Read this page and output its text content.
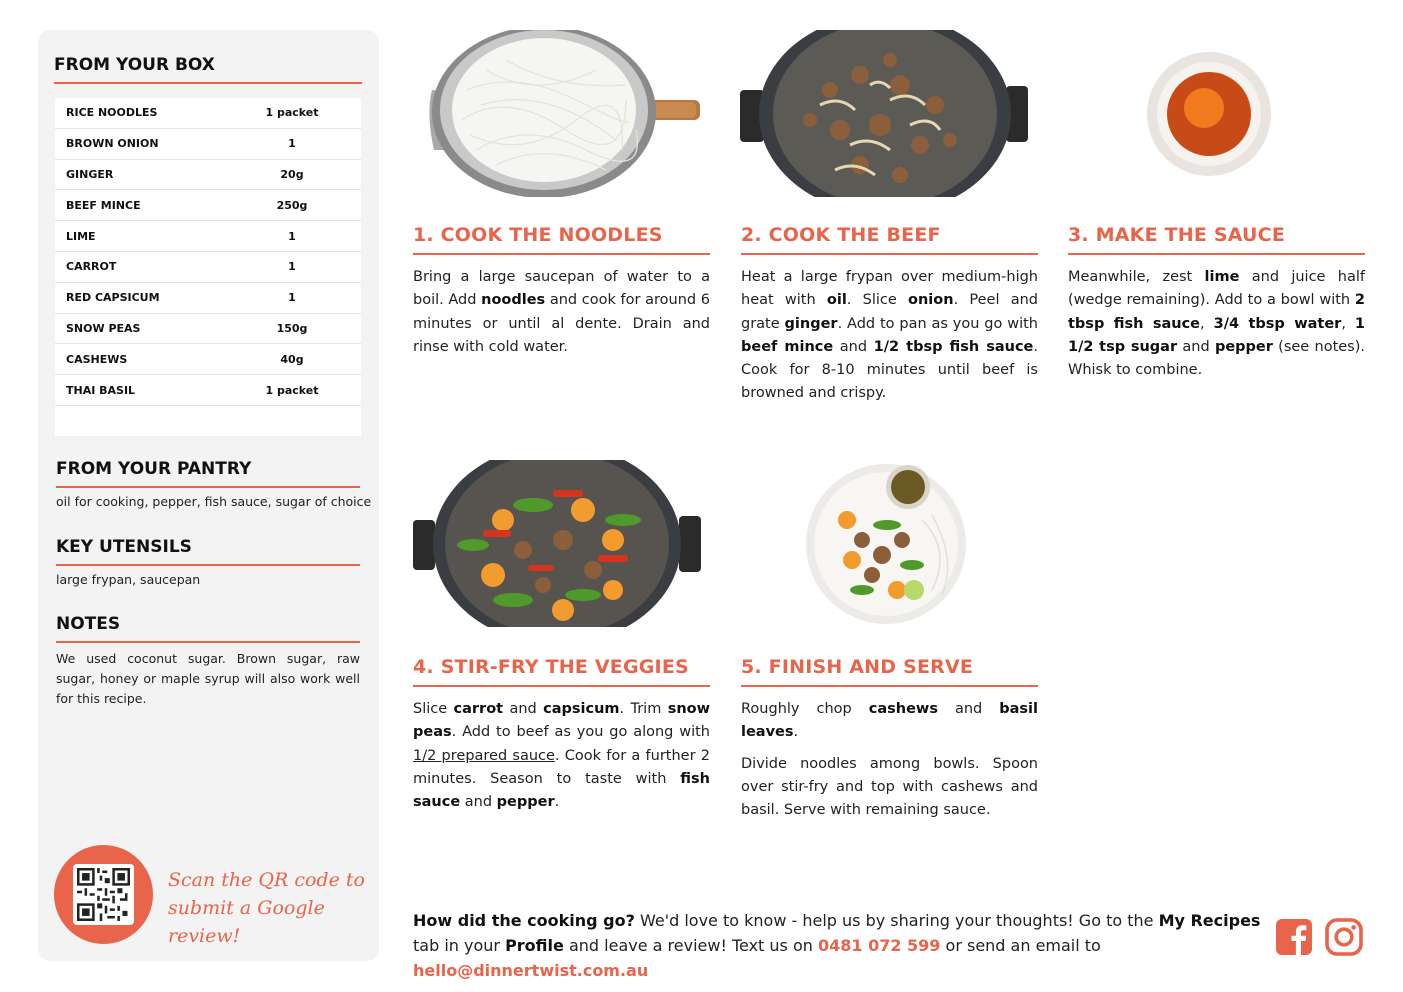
FROM YOUR BOX
RICE NOODLES	1 packet
BROWN ONION	1
GINGER	20g
BEEF MINCE	250g
LIME	1
CARROT	1
RED CAPSICUM	1
SNOW PEAS	150g
CASHEWS	40g
THAI BASIL	1 packet
FROM YOUR PANTRY
oil for cooking, pepper, fish sauce, sugar of choice
KEY UTENSILS
large frypan, saucepan
NOTES
We used coconut sugar. Brown sugar, raw sugar, honey or maple syrup will also work well for this recipe.
Scan the QR code to submit a Google review!
1. COOK THE NOODLES	2. COOK THE BEEF	3. MAKE THE SAUCE
4. STIR-FRY THE VEGGIES	5. FINISH AND SERVE
Bring a large saucepan of water to a boil. Add noodles and cook for around 6 minutes or until al dente. Drain and rinse with cold water.
Heat a large frypan over medium-high heat with oil. Slice onion. Peel and grate ginger. Add to pan as you go with beef mince and 1/2 tbsp fish sauce. Cook for 8-10 minutes until beef is browned and crispy.
Meanwhile, zest lime and juice half (wedge remaining). Add to a bowl with 2 tbsp fish sauce, 3/4 tbsp water, 1 1/2 tsp sugar and pepper (see notes). Whisk to combine.
Slice carrot and capsicum. Trim snow peas. Add to beef as you go along with 1/2 prepared sauce. Cook for a further 2 minutes. Season to taste with fish sauce and pepper.

Roughly chop cashews and basil leaves.

Divide noodles among bowls. Spoon over stir-fry and top with cashews and basil. Serve with remaining sauce.

How did the cooking go? We'd love to know - help us by sharing your thoughts! Go to the My Recipes tab in your Profile and leave a review! Text us on 0481 072 599 or send an email to hello@dinnertwist.com.au
